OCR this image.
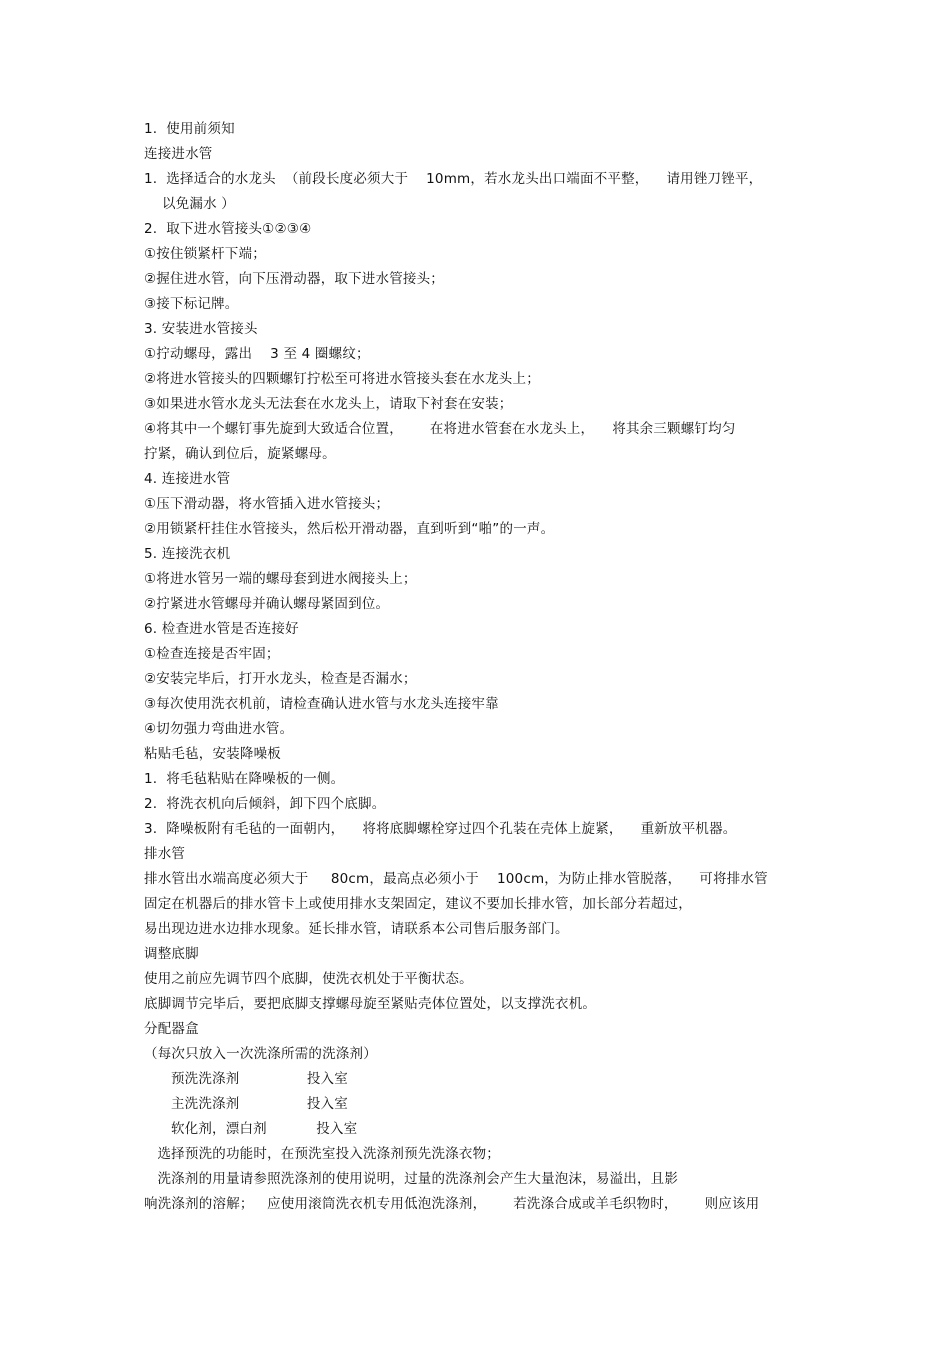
1.  使用前须知
连接进水管
1.  选择适合的水龙头  （前段长度必须大于    10mm，若水龙头出口端面不平整，    请用锉刀锉平，
以免漏水 ）
2.  取下进水管接头①②③④
①按住锁紧杆下端；
②握住进水管，向下压滑动器，取下进水管接头；
③接下标记牌。
3. 安装进水管接头
①拧动螺母，露出    3 至 4 圈螺纹；
②将进水管接头的四颗螺钉拧松至可将进水管接头套在水龙头上；
③如果进水管水龙头无法套在水龙头上，请取下衬套在安装；
④将其中一个螺钉事先旋到大致适合位置，      在将进水管套在水龙头上，    将其余三颗螺钉均匀
拧紧，确认到位后，旋紧螺母。
4. 连接进水管
①压下滑动器，将水管插入进水管接头；
②用锁紧杆挂住水管接头，然后松开滑动器，直到听到“啪”的一声。
5. 连接洗衣机
①将进水管另一端的螺母套到进水阀接头上；
②拧紧进水管螺母并确认螺母紧固到位。
6. 检查进水管是否连接好
①检查连接是否牢固；
②安装完毕后，打开水龙头，检查是否漏水；
③每次使用洗衣机前，请检查确认进水管与水龙头连接牢靠
④切勿强力弯曲进水管。
粘贴毛毡，安装降噪板
1.  将毛毡粘贴在降噪板的一侧。
2.  将洗衣机向后倾斜，卸下四个底脚。
3.  降噪板附有毛毡的一面朝内，    将将底脚螺栓穿过四个孔装在壳体上旋紧，    重新放平机器。
排水管
排水管出水端高度必须大于     80cm，最高点必须小于    100cm，为防止排水管脱落，    可将排水管
固定在机器后的排水管卡上或使用排水支架固定，建议不要加长排水管，加长部分若超过，
易出现边进水边排水现象。延长排水管，请联系本公司售后服务部门。
调整底脚
使用之前应先调节四个底脚，使洗衣机处于平衡状态。
底脚调节完毕后，要把底脚支撑螺母旋至紧贴壳体位置处，以支撑洗衣机。
分配器盒
（每次只放入一次洗涤所需的洗涤剂）
预洗洗涤剂               投入室
主洗洗涤剂               投入室
软化剂，漂白剂           投入室
选择预洗的功能时，在预洗室投入洗涤剂预先洗涤衣物；
洗涤剂的用量请参照洗涤剂的使用说明，过量的洗涤剂会产生大量泡沫，易溢出，且影
响洗涤剂的溶解；   应使用滚筒洗衣机专用低泡洗涤剂，      若洗涤合成或羊毛织物时，      则应该用
